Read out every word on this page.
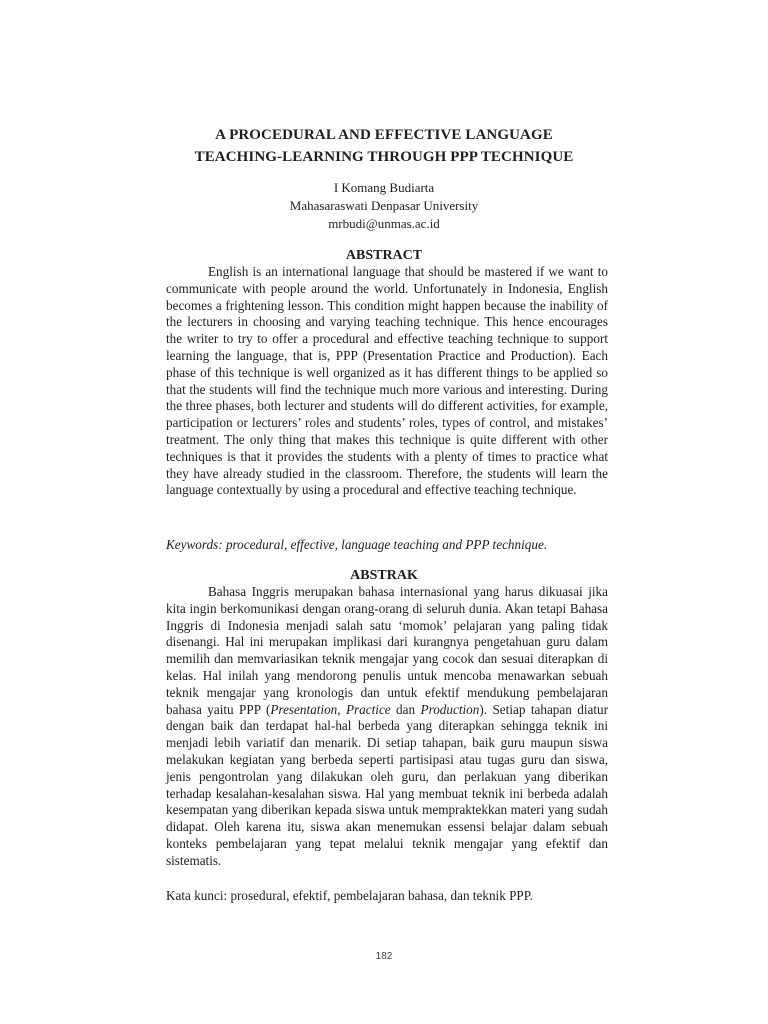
A PROCEDURAL AND EFFECTIVE LANGUAGE
TEACHING-LEARNING THROUGH PPP TECHNIQUE
I Komang Budiarta
Mahasaraswati Denpasar University
mrbudi@unmas.ac.id
ABSTRACT

English is an international language that should be mastered if we want to communicate with people around the world. Unfortunately in Indonesia, English becomes a frightening lesson. This condition might happen because the inability of the lecturers in choosing and varying teaching technique. This hence encourages the writer to try to offer a procedural and effective teaching technique to support learning the language, that is, PPP (Presentation Practice and Production). Each phase of this technique is well organized as it has different things to be applied so that the students will find the technique much more various and interesting. During the three phases, both lecturer and students will do different activities, for example, participation or lecturers’ roles and students’ roles, types of control, and mistakes’ treatment. The only thing that makes this technique is quite different with other techniques is that it provides the students with a plenty of times to practice what they have already studied in the classroom. Therefore, the students will learn the language contextually by using a procedural and effective teaching technique.

Keywords: procedural, effective, language teaching and PPP technique.

ABSTRAK

Bahasa Inggris merupakan bahasa internasional yang harus dikuasai jika kita ingin berkomunikasi dengan orang-orang di seluruh dunia. Akan tetapi Bahasa Inggris di Indonesia menjadi salah satu ‘momok’ pelajaran yang paling tidak disenangi. Hal ini merupakan implikasi dari kurangnya pengetahuan guru dalam memilih dan memvariasikan teknik mengajar yang cocok dan sesuai diterapkan di kelas. Hal inilah yang mendorong penulis untuk mencoba menawarkan sebuah teknik mengajar yang kronologis dan untuk efektif mendukung pembelajaran bahasa yaitu PPP (Presentation, Practice dan Production). Setiap tahapan diatur dengan baik dan terdapat hal-hal berbeda yang diterapkan sehingga teknik ini menjadi lebih variatif dan menarik. Di setiap tahapan, baik guru maupun siswa melakukan kegiatan yang berbeda seperti partisipasi atau tugas guru dan siswa, jenis pengontrolan yang dilakukan oleh guru, dan perlakuan yang diberikan terhadap kesalahan-kesalahan siswa. Hal yang membuat teknik ini berbeda adalah kesempatan yang diberikan kepada siswa untuk mempraktekkan materi yang sudah didapat. Oleh karena itu, siswa akan menemukan essensi belajar dalam sebuah konteks pembelajaran yang tepat melalui teknik mengajar yang efektif dan sistematis.

Kata kunci: prosedural, efektif, pembelajaran bahasa, dan teknik PPP.

182
